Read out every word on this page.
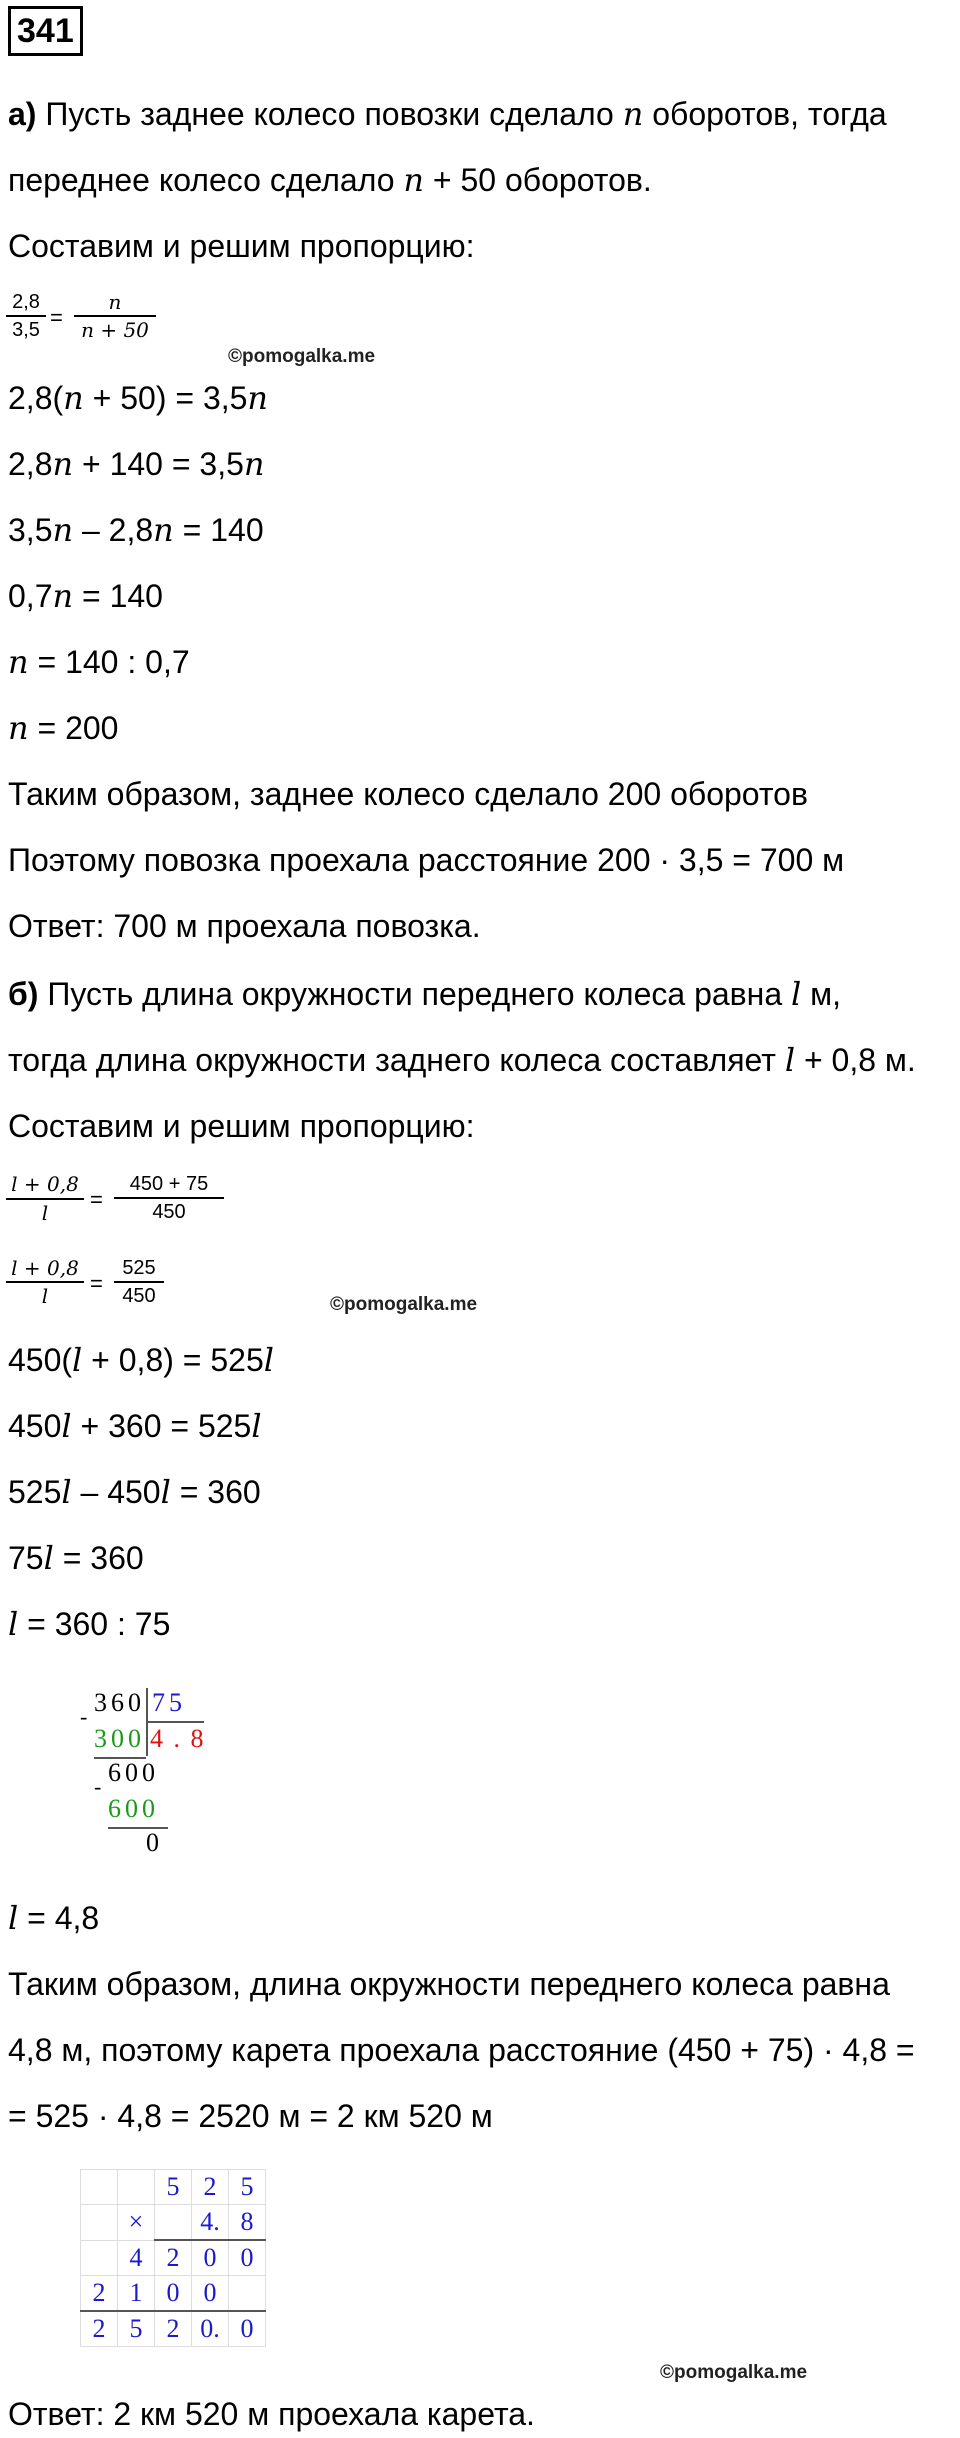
341
а) Пусть заднее колесо повозки сделало n оборотов, тогда
переднее колесо сделало n + 50 оборотов.
Составим и решим пропорцию:
2,8
3,5 =
n
n + 50
©pomogalka.me
2,8(n + 50) = 3,5n
2,8n + 140 = 3,5n
3,5n – 2,8n = 140
0,7n = 140
n = 140 : 0,7
n = 200
Таким образом, заднее колесо сделало 200 оборотов
Поэтому повозка проехала расстояние 200 · 3,5 = 700 м
Ответ: 700 м проехала повозка.
б) Пусть длина окружности переднего колеса равна l м,
тогда длина окружности заднего колеса составляет l + 0,8 м.
Составим и решим пропорцию:
l + 0,8
l
=
450 + 75
450
l + 0,8
l	=
525
450	©pomogalka.me
450(l + 0,8) = 525l
450l + 360 = 525l
525l – 450l = 360
75l = 360
l = 360 : 75
- 360 75
300 4 . 8
- 600
600
0
l = 4,8
Таким образом, длина окружности переднего колеса равна
4,8 м, поэтому карета проехала расстояние (450 + 75) · 4,8 =
= 525 · 4,8 = 2520 м = 2 км 520 м
		5	2	5
	×		4.	8
	4	2	0	0
2	1	0	0	
2	5	2	0.	0
©pomogalka.me
Ответ: 2 км 520 м проехала карета.
